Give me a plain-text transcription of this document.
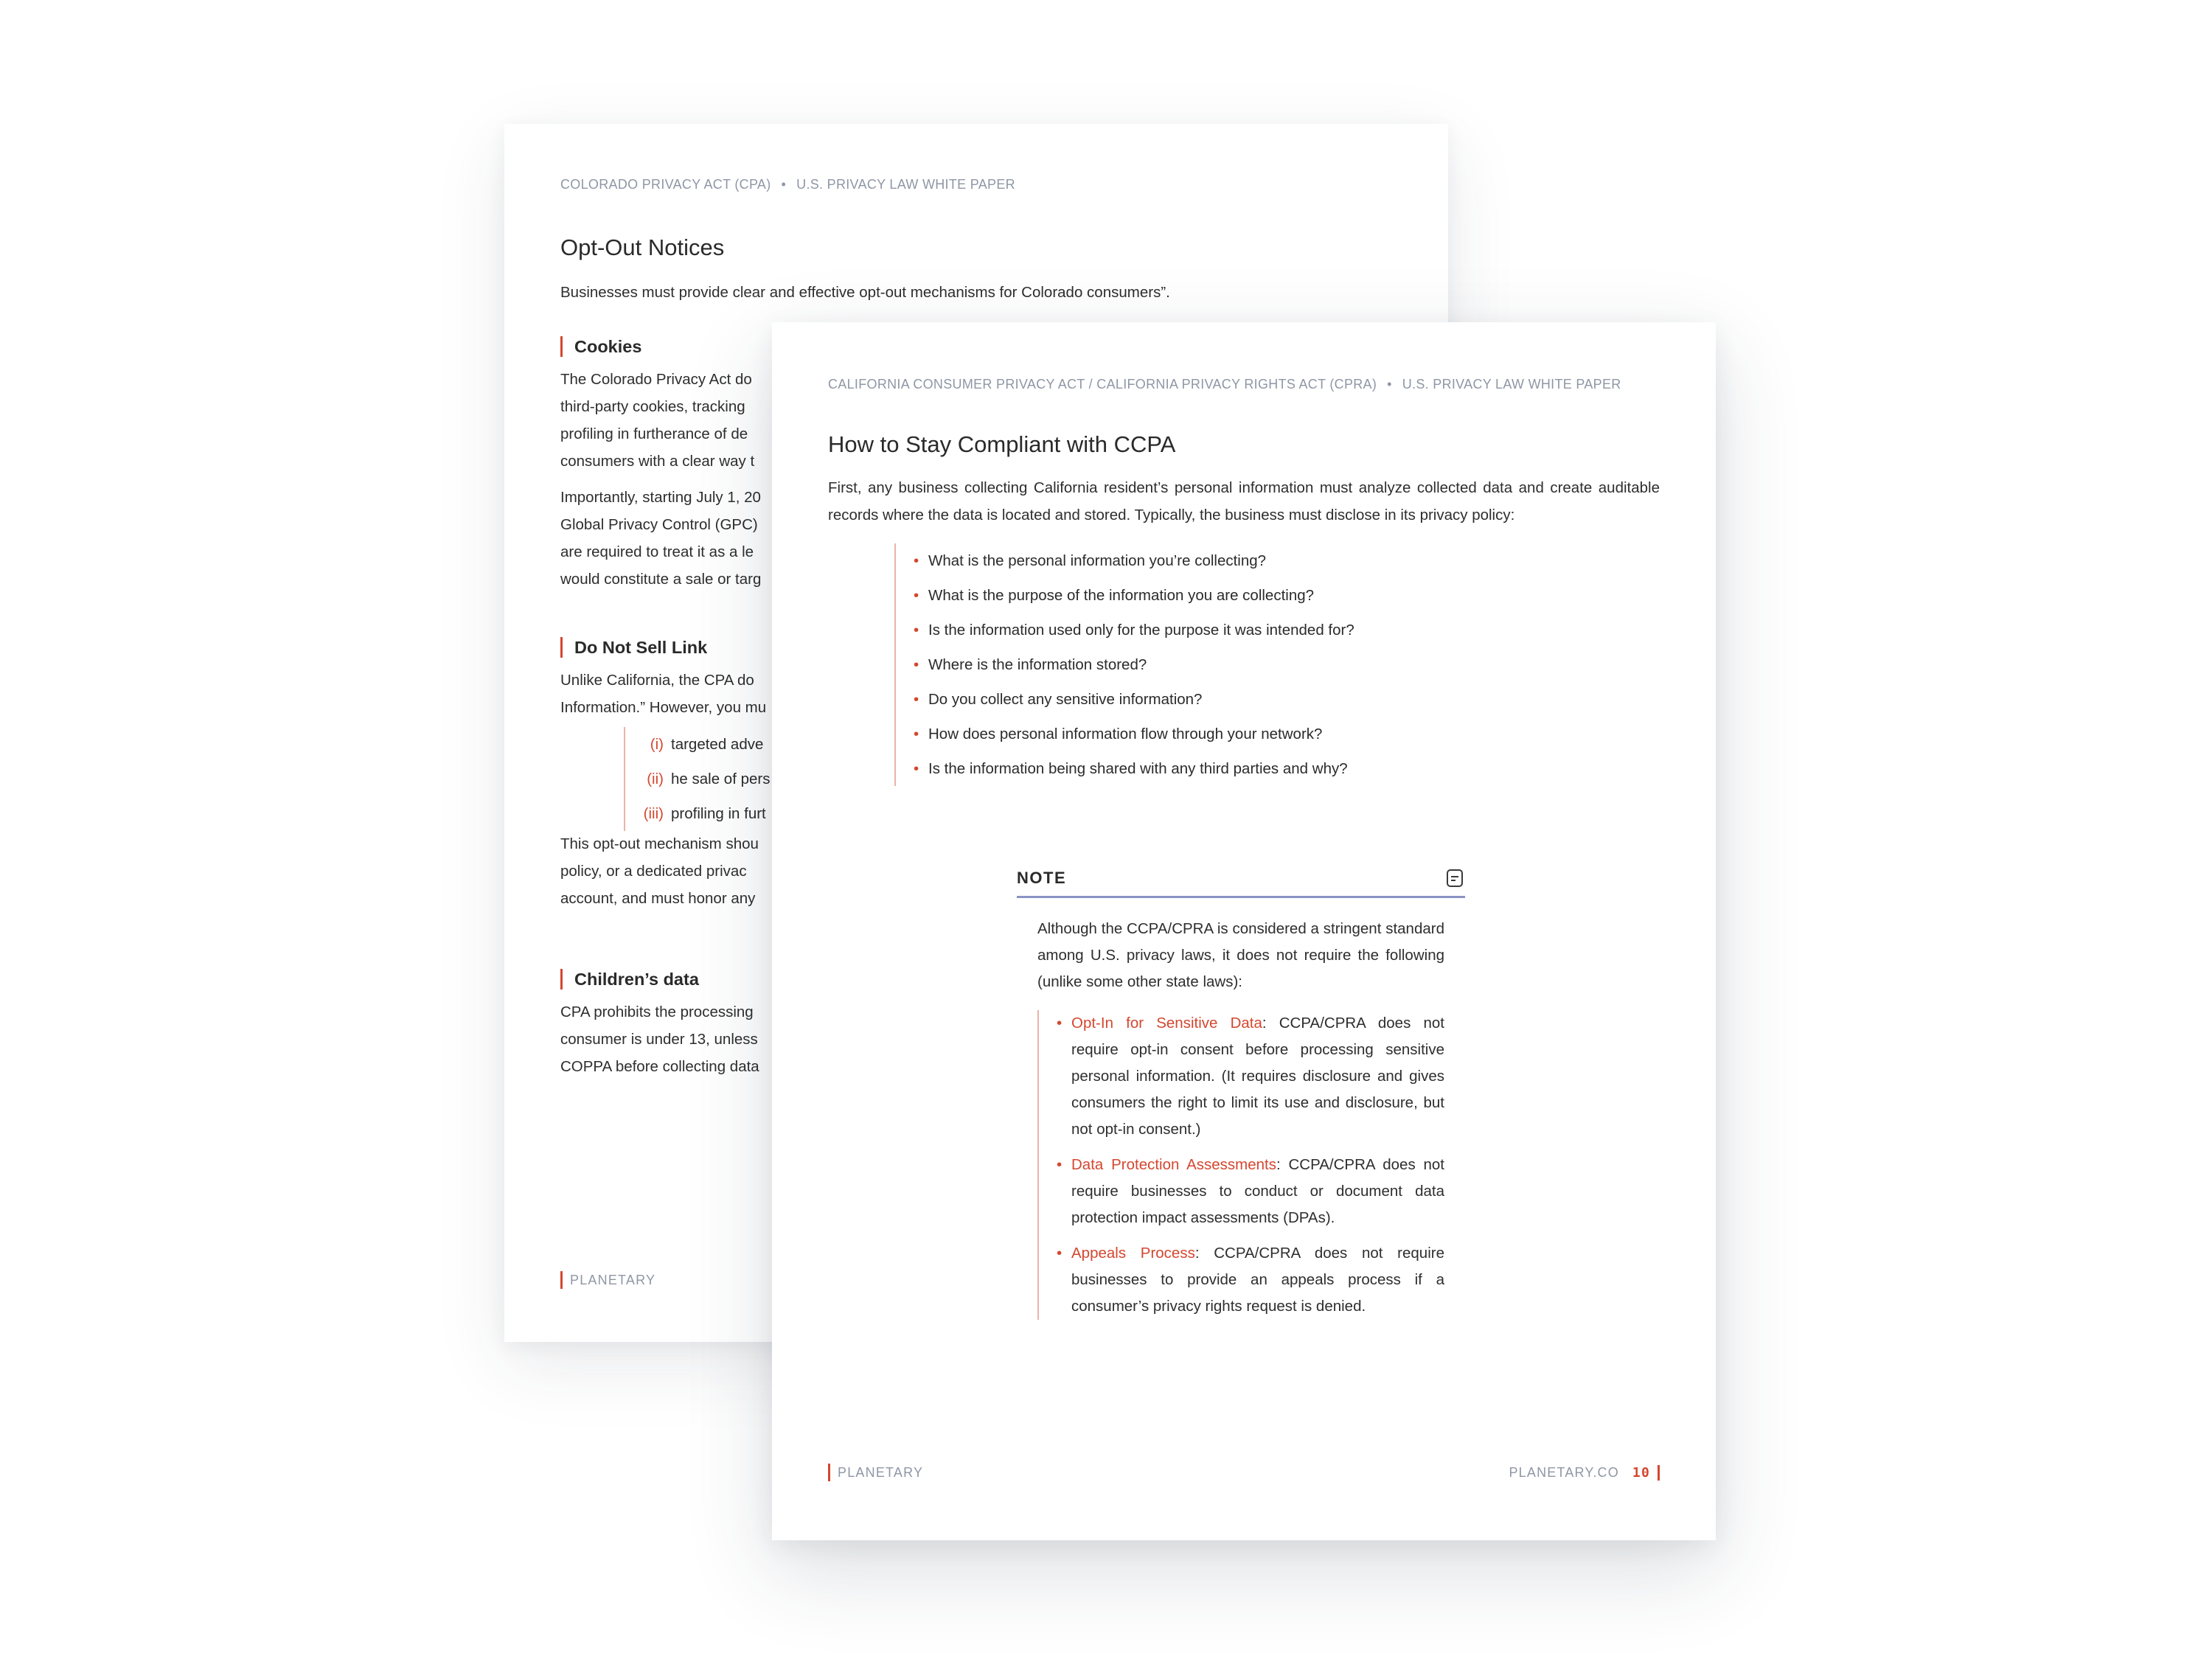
COLORADO PRIVACY ACT (CPA) • U.S. PRIVACY LAW WHITE PAPER
Opt-Out Notices
Businesses must provide clear and effective opt-out mechanisms for Colorado consumers”.
Cookies
The Colorado Privacy Act do
third-party cookies, tracking
profiling in furtherance of de
consumers with a clear way t
Importantly, starting July 1, 20
Global Privacy Control (GPC)
are required to treat it as a le
would constitute a sale or targ
Do Not Sell Link
Unlike California, the CPA do
Information.” However, you mu
(i) targeted adve
(ii) he sale of pers
(iii) profiling in furt
This opt-out mechanism shou
policy, or a dedicated privac
account, and must honor any
Children’s data
CPA prohibits the processing
consumer is under 13, unless
COPPA before collecting data
PLANETARY
CALIFORNIA CONSUMER PRIVACY ACT / CALIFORNIA PRIVACY RIGHTS ACT (CPRA) • U.S. PRIVACY LAW WHITE PAPER
How to Stay Compliant with CCPA
First, any business collecting California resident’s personal information must analyze collected data and create auditable records where the data is located and stored. Typically, the business must disclose in its privacy policy:
• What is the personal information you’re collecting?
• What is the purpose of the information you are collecting?
• Is the information used only for the purpose it was intended for?
• Where is the information stored?
• Do you collect any sensitive information?
• How does personal information flow through your network?
• Is the information being shared with any third parties and why?
NOTE
Although the CCPA/CPRA is considered a stringent standard among U.S. privacy laws, it does not require the following (unlike some other state laws):
• Opt-In for Sensitive Data: CCPA/CPRA does not require opt-in consent before processing sensitive personal information. (It requires disclosure and gives consumers the right to limit its use and disclosure, but not opt-in consent.)
• Data Protection Assessments: CCPA/CPRA does not require businesses to conduct or document data protection impact assessments (DPAs).
• Appeals Process: CCPA/CPRA does not require businesses to provide an appeals process if a consumer’s privacy rights request is denied.
PLANETARY	PLANETARY.CO 10
